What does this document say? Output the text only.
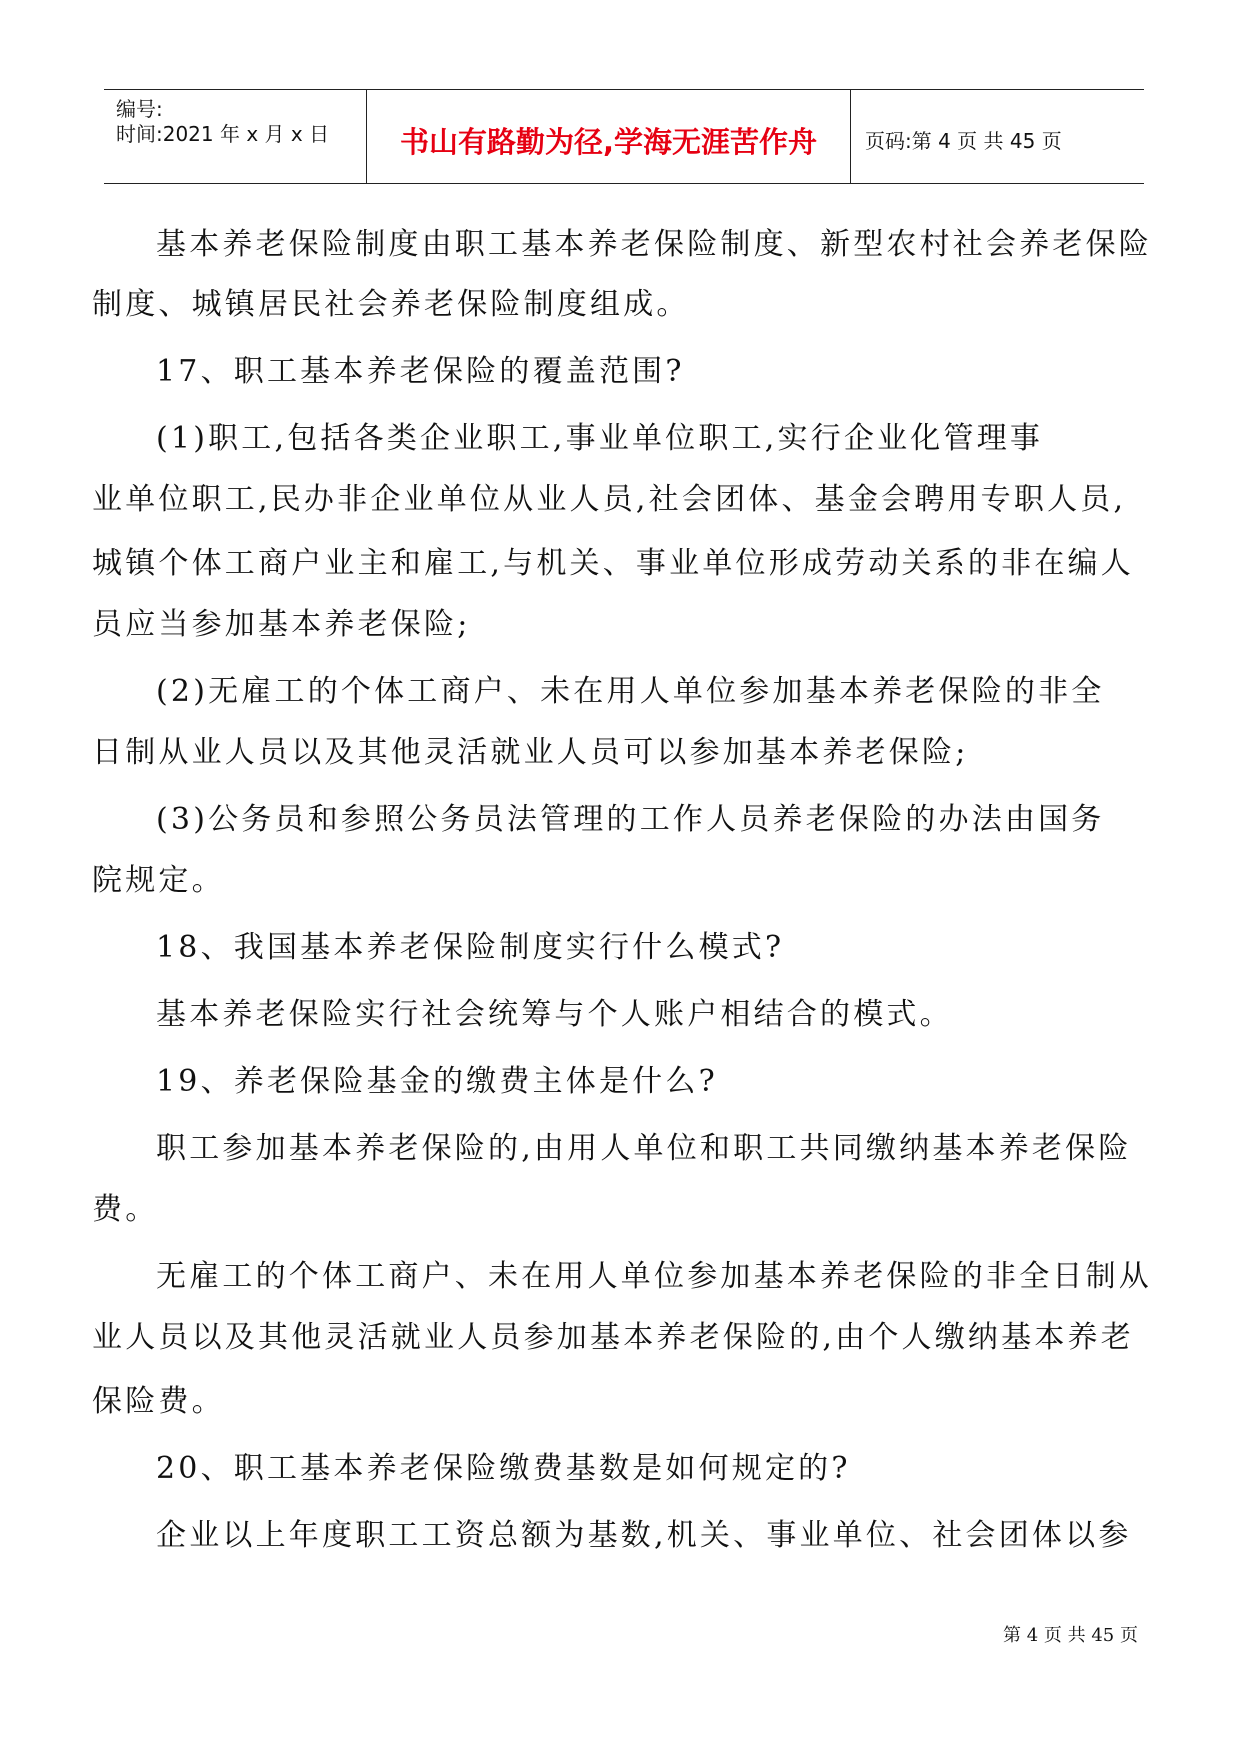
编号:
时间:2021 年 x 月 x 日	书山有路勤为径,学海无涯苦作舟	页码:第 4 页 共 45 页
基本养老保险制度由职工基本养老保险制度、新型农村社会养老保险
制度、城镇居民社会养老保险制度组成。
17、职工基本养老保险的覆盖范围?
(1)职工,包括各类企业职工,事业单位职工,实行企业化管理事
业单位职工,民办非企业单位从业人员,社会团体、基金会聘用专职人员,
城镇个体工商户业主和雇工,与机关、事业单位形成劳动关系的非在编人
员应当参加基本养老保险;
(2)无雇工的个体工商户、未在用人单位参加基本养老保险的非全
日制从业人员以及其他灵活就业人员可以参加基本养老保险;
(3)公务员和参照公务员法管理的工作人员养老保险的办法由国务
院规定。
18、我国基本养老保险制度实行什么模式?
基本养老保险实行社会统筹与个人账户相结合的模式。
19、养老保险基金的缴费主体是什么?
职工参加基本养老保险的,由用人单位和职工共同缴纳基本养老保险
费。
无雇工的个体工商户、未在用人单位参加基本养老保险的非全日制从
业人员以及其他灵活就业人员参加基本养老保险的,由个人缴纳基本养老
保险费。
20、职工基本养老保险缴费基数是如何规定的?
企业以上年度职工工资总额为基数,机关、事业单位、社会团体以参
第 4 页 共 45 页
